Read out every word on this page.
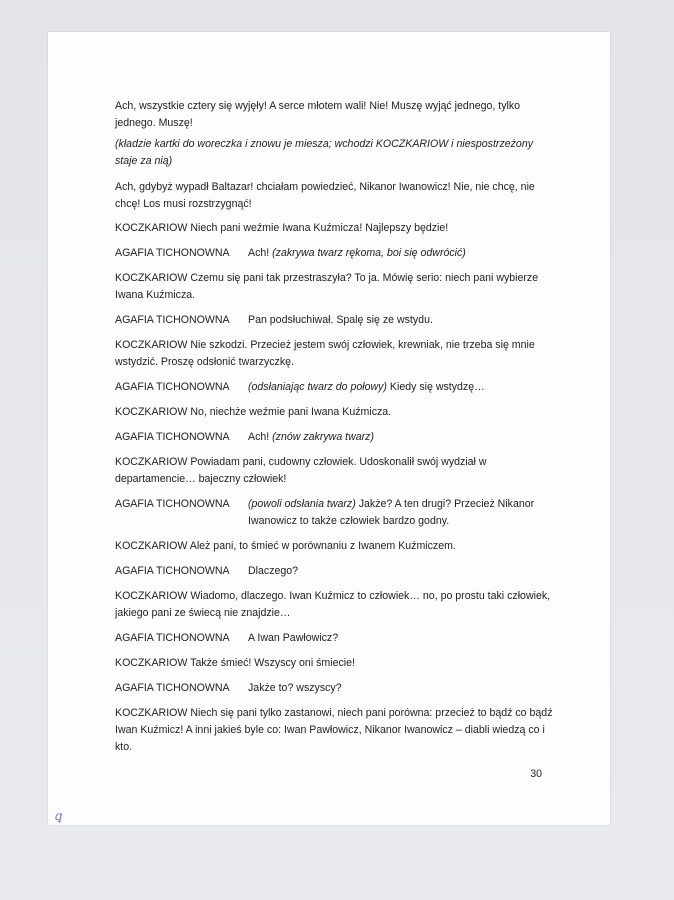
Ach, wszystkie cztery się wyjęły! A serce młotem wali! Nie! Muszę wyjąć jednego, tylko jednego. Muszę!
(kładzie kartki do woreczka i znowu je miesza; wchodzi KOCZKARIOW i niespostrzeżony staje za nią)
Ach, gdybyż wypadł Baltazar! chciałam powiedzieć, Nikanor Iwanowicz! Nie, nie chcę, nie chcę! Los musi rozstrzygnąć!
KOCZKARIOW Niech pani weźmie Iwana Kuźmicza! Najlepszy będzie!
AGAFIA TICHONOWNA Ach! (zakrywa twarz rękoma, boi się odwrócić)
KOCZKARIOW Czemu się pani tak przestraszyła? To ja. Mówię serio: niech pani wybierze Iwana Kuźmicza.
AGAFIA TICHONOWNA Pan podsłuchiwał. Spalę się ze wstydu.
KOCZKARIOW Nie szkodzi. Przecież jestem swój człowiek, krewniak, nie trzeba się mnie wstydzić. Proszę odsłonić twarzyczkę.
AGAFIA TICHONOWNA (odsłaniając twarz do połowy) Kiedy się wstydzę…
KOCZKARIOW No, niechże weźmie pani Iwana Kuźmicza.
AGAFIA TICHONOWNA Ach! (znów zakrywa twarz)
KOCZKARIOW Powiadam pani, cudowny człowiek. Udoskonalił swój wydział w departamencie… bajeczny człowiek!
AGAFIA TICHONOWNA (powoli odsłania twarz) Jakże? A ten drugi? Przecież Nikanor Iwanowicz to także człowiek bardzo godny.
KOCZKARIOW Ależ pani, to śmieć w porównaniu z Iwanem Kuźmiczem.
AGAFIA TICHONOWNA Dlaczego?
KOCZKARIOW Wiadomo, dlaczego. Iwan Kuźmicz to człowiek… no, po prostu taki człowiek, jakiego pani ze świecą nie znajdzie…
AGAFIA TICHONOWNA A Iwan Pawłowicz?
KOCZKARIOW Także śmieć! Wszyscy oni śmiecie!
AGAFIA TICHONOWNA Jakże to? wszyscy?
KOCZKARIOW Niech się pani tylko zastanowi, niech pani porówna: przecież to bądź co bądź Iwan Kuźmicz! A inni jakieś byle co: Iwan Pawłowicz, Nikanor Iwanowicz – diabli wiedzą co i kto.
30
ꝗ
